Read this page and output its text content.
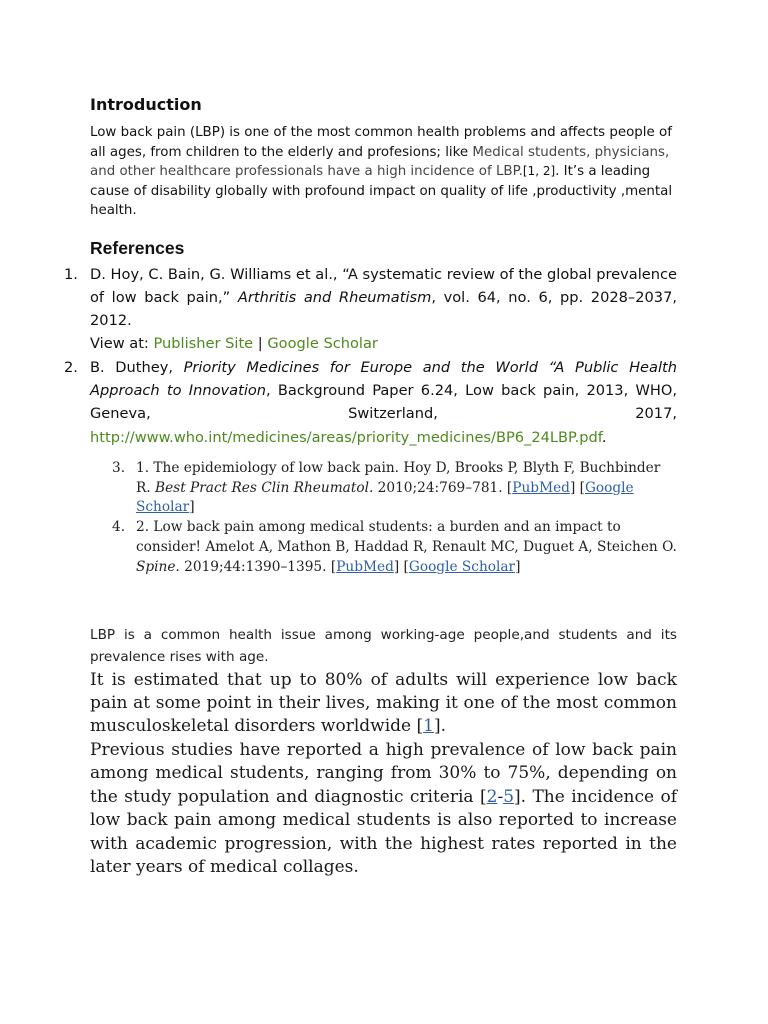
Introduction

Low back pain (LBP) is one of the most common health problems and affects people of all ages, from children to the elderly and profesions; like Medical students, physicians, and other healthcare professionals have a high incidence of LBP.[1, 2]. It’s a leading cause of disability globally with profound impact on quality of life ,productivity ,mental health.

References
1. D. Hoy, C. Bain, G. Williams et al., “A systematic review of the global prevalence of low back pain,” Arthritis and Rheumatism, vol. 64, no. 6, pp. 2028–2037, 2012.
View at: Publisher Site | Google Scholar
2. B. Duthey, Priority Medicines for Europe and the World “A Public Health Approach to Innovation, Background Paper 6.24, Low back pain, 2013, WHO, Geneva, Switzerland, 2017, http://www.who.int/medicines/areas/priority_medicines/BP6_24LBP.pdf.
3. 1. The epidemiology of low back pain. Hoy D, Brooks P, Blyth F, Buchbinder R. Best Pract Res Clin Rheumatol. 2010;24:769–781. [PubMed] [Google Scholar]
4. 2. Low back pain among medical students: a burden and an impact to consider! Amelot A, Mathon B, Haddad R, Renault MC, Duguet A, Steichen O. Spine. 2019;44:1390–1395. [PubMed] [Google Scholar]

LBP is a common health issue among working-age people,and students and its prevalence rises with age.

It is estimated that up to 80% of adults will experience low back pain at some point in their lives, making it one of the most common musculoskeletal disorders worldwide [1].

Previous studies have reported a high prevalence of low back pain among medical students, ranging from 30% to 75%, depending on the study population and diagnostic criteria [2-5]. The incidence of low back pain among medical students is also reported to increase with academic progression, with the highest rates reported in the later years of medical collages.
